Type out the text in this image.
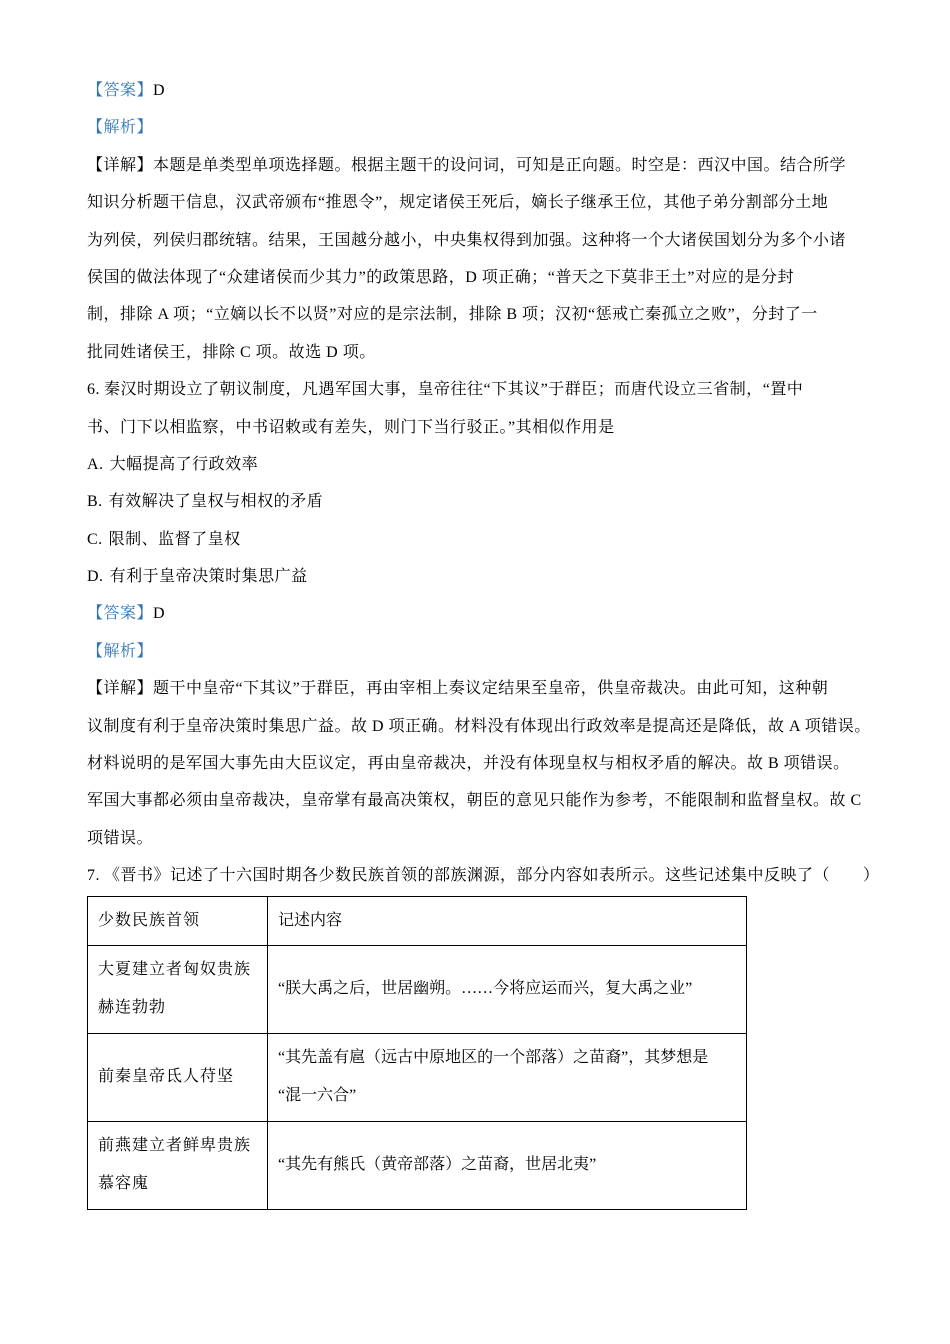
【答案】D
【解析】
【详解】本题是单类型单项选择题。根据主题干的设问词，可知是正向题。时空是：西汉中国。结合所学
知识分析题干信息，汉武帝颁布“推恩令”，规定诸侯王死后，嫡长子继承王位，其他子弟分割部分土地
为列侯，列侯归郡统辖。结果，王国越分越小，中央集权得到加强。这种将一个大诸侯国划分为多个小诸
侯国的做法体现了“众建诸侯而少其力”的政策思路，D 项正确；“普天之下莫非王土”对应的是分封
制，排除 A 项；“立嫡以长不以贤”对应的是宗法制，排除 B 项；汉初“惩戒亡秦孤立之败”，分封了一
批同姓诸侯王，排除 C 项。故选 D 项。
6. 秦汉时期设立了朝议制度，凡遇军国大事，皇帝往往“下其议”于群臣；而唐代设立三省制，“置中
书、门下以相监察，中书诏敕或有差失，则门下当行驳正。”其相似作用是
A. 大幅提高了行政效率
B. 有效解决了皇权与相权的矛盾
C. 限制、监督了皇权
D. 有利于皇帝决策时集思广益
【答案】D
【解析】
【详解】题干中皇帝“下其议”于群臣，再由宰相上奏议定结果至皇帝，供皇帝裁决。由此可知，这种朝
议制度有利于皇帝决策时集思广益。故 D 项正确。材料没有体现出行政效率是提高还是降低，故 A 项错误。
材料说明的是军国大事先由大臣议定，再由皇帝裁决，并没有体现皇权与相权矛盾的解决。故 B 项错误。
军国大事都必须由皇帝裁决，皇帝掌有最高决策权，朝臣的意见只能作为参考，不能限制和监督皇权。故 C
项错误。
7. 《晋书》记述了十六国时期各少数民族首领的部族渊源，部分内容如表所示。这些记述集中反映了（　　）
少数民族首领	记述内容

大夏建立者匈奴贵族
赫连勃勃	“朕大禹之后，世居幽朔。……今将应运而兴，复大禹之业”

前秦皇帝氐人苻坚	“其先盖有扈（远古中原地区的一个部落）之苗裔”，其梦想是
“混一六合”

前燕建立者鲜卑贵族
慕容廆	“其先有熊氏（黄帝部落）之苗裔，世居北夷”
